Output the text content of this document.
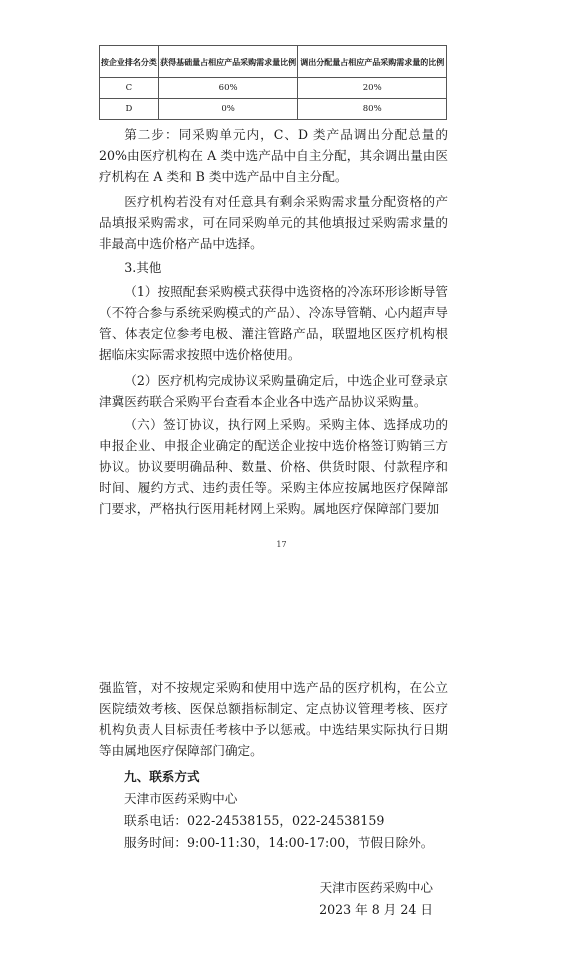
按企业排名分类	获得基础量占相应产品采购需求量比例	调出分配量占相应产品采购需求量的比例
C	60%	20%
D	0%	80%

第二步：同采购单元内，C、D 类产品调出分配总量的 20%由医疗机构在 A 类中选产品中自主分配，其余调出量由医疗机构在 A 类和 B 类中选产品中自主分配。

医疗机构若没有对任意具有剩余采购需求量分配资格的产品填报采购需求，可在同采购单元的其他填报过采购需求量的非最高中选价格产品中选择。

3.其他

（1）按照配套采购模式获得中选资格的冷冻环形诊断导管（不符合参与系统采购模式的产品）、冷冻导管鞘、心内超声导管、体表定位参考电极、灌注管路产品，联盟地区医疗机构根据临床实际需求按照中选价格使用。

（2）医疗机构完成协议采购量确定后，中选企业可登录京津冀医药联合采购平台查看本企业各中选产品协议采购量。

（六）签订协议，执行网上采购。采购主体、选择成功的申报企业、申报企业确定的配送企业按中选价格签订购销三方协议。协议要明确品种、数量、价格、供货时限、付款程序和时间、履约方式、违约责任等。采购主体应按属地医疗保障部门要求，严格执行医用耗材网上采购。属地医疗保障部门要加

17

强监管，对不按规定采购和使用中选产品的医疗机构，在公立医院绩效考核、医保总额指标制定、定点协议管理考核、医疗机构负责人目标责任考核中予以惩戒。中选结果实际执行日期等由属地医疗保障部门确定。

九、联系方式

天津市医药采购中心

联系电话：022-24538155，022-24538159

服务时间：9:00-11:30，14:00-17:00，节假日除外。

天津市医药采购中心

2023 年 8 月 24 日
